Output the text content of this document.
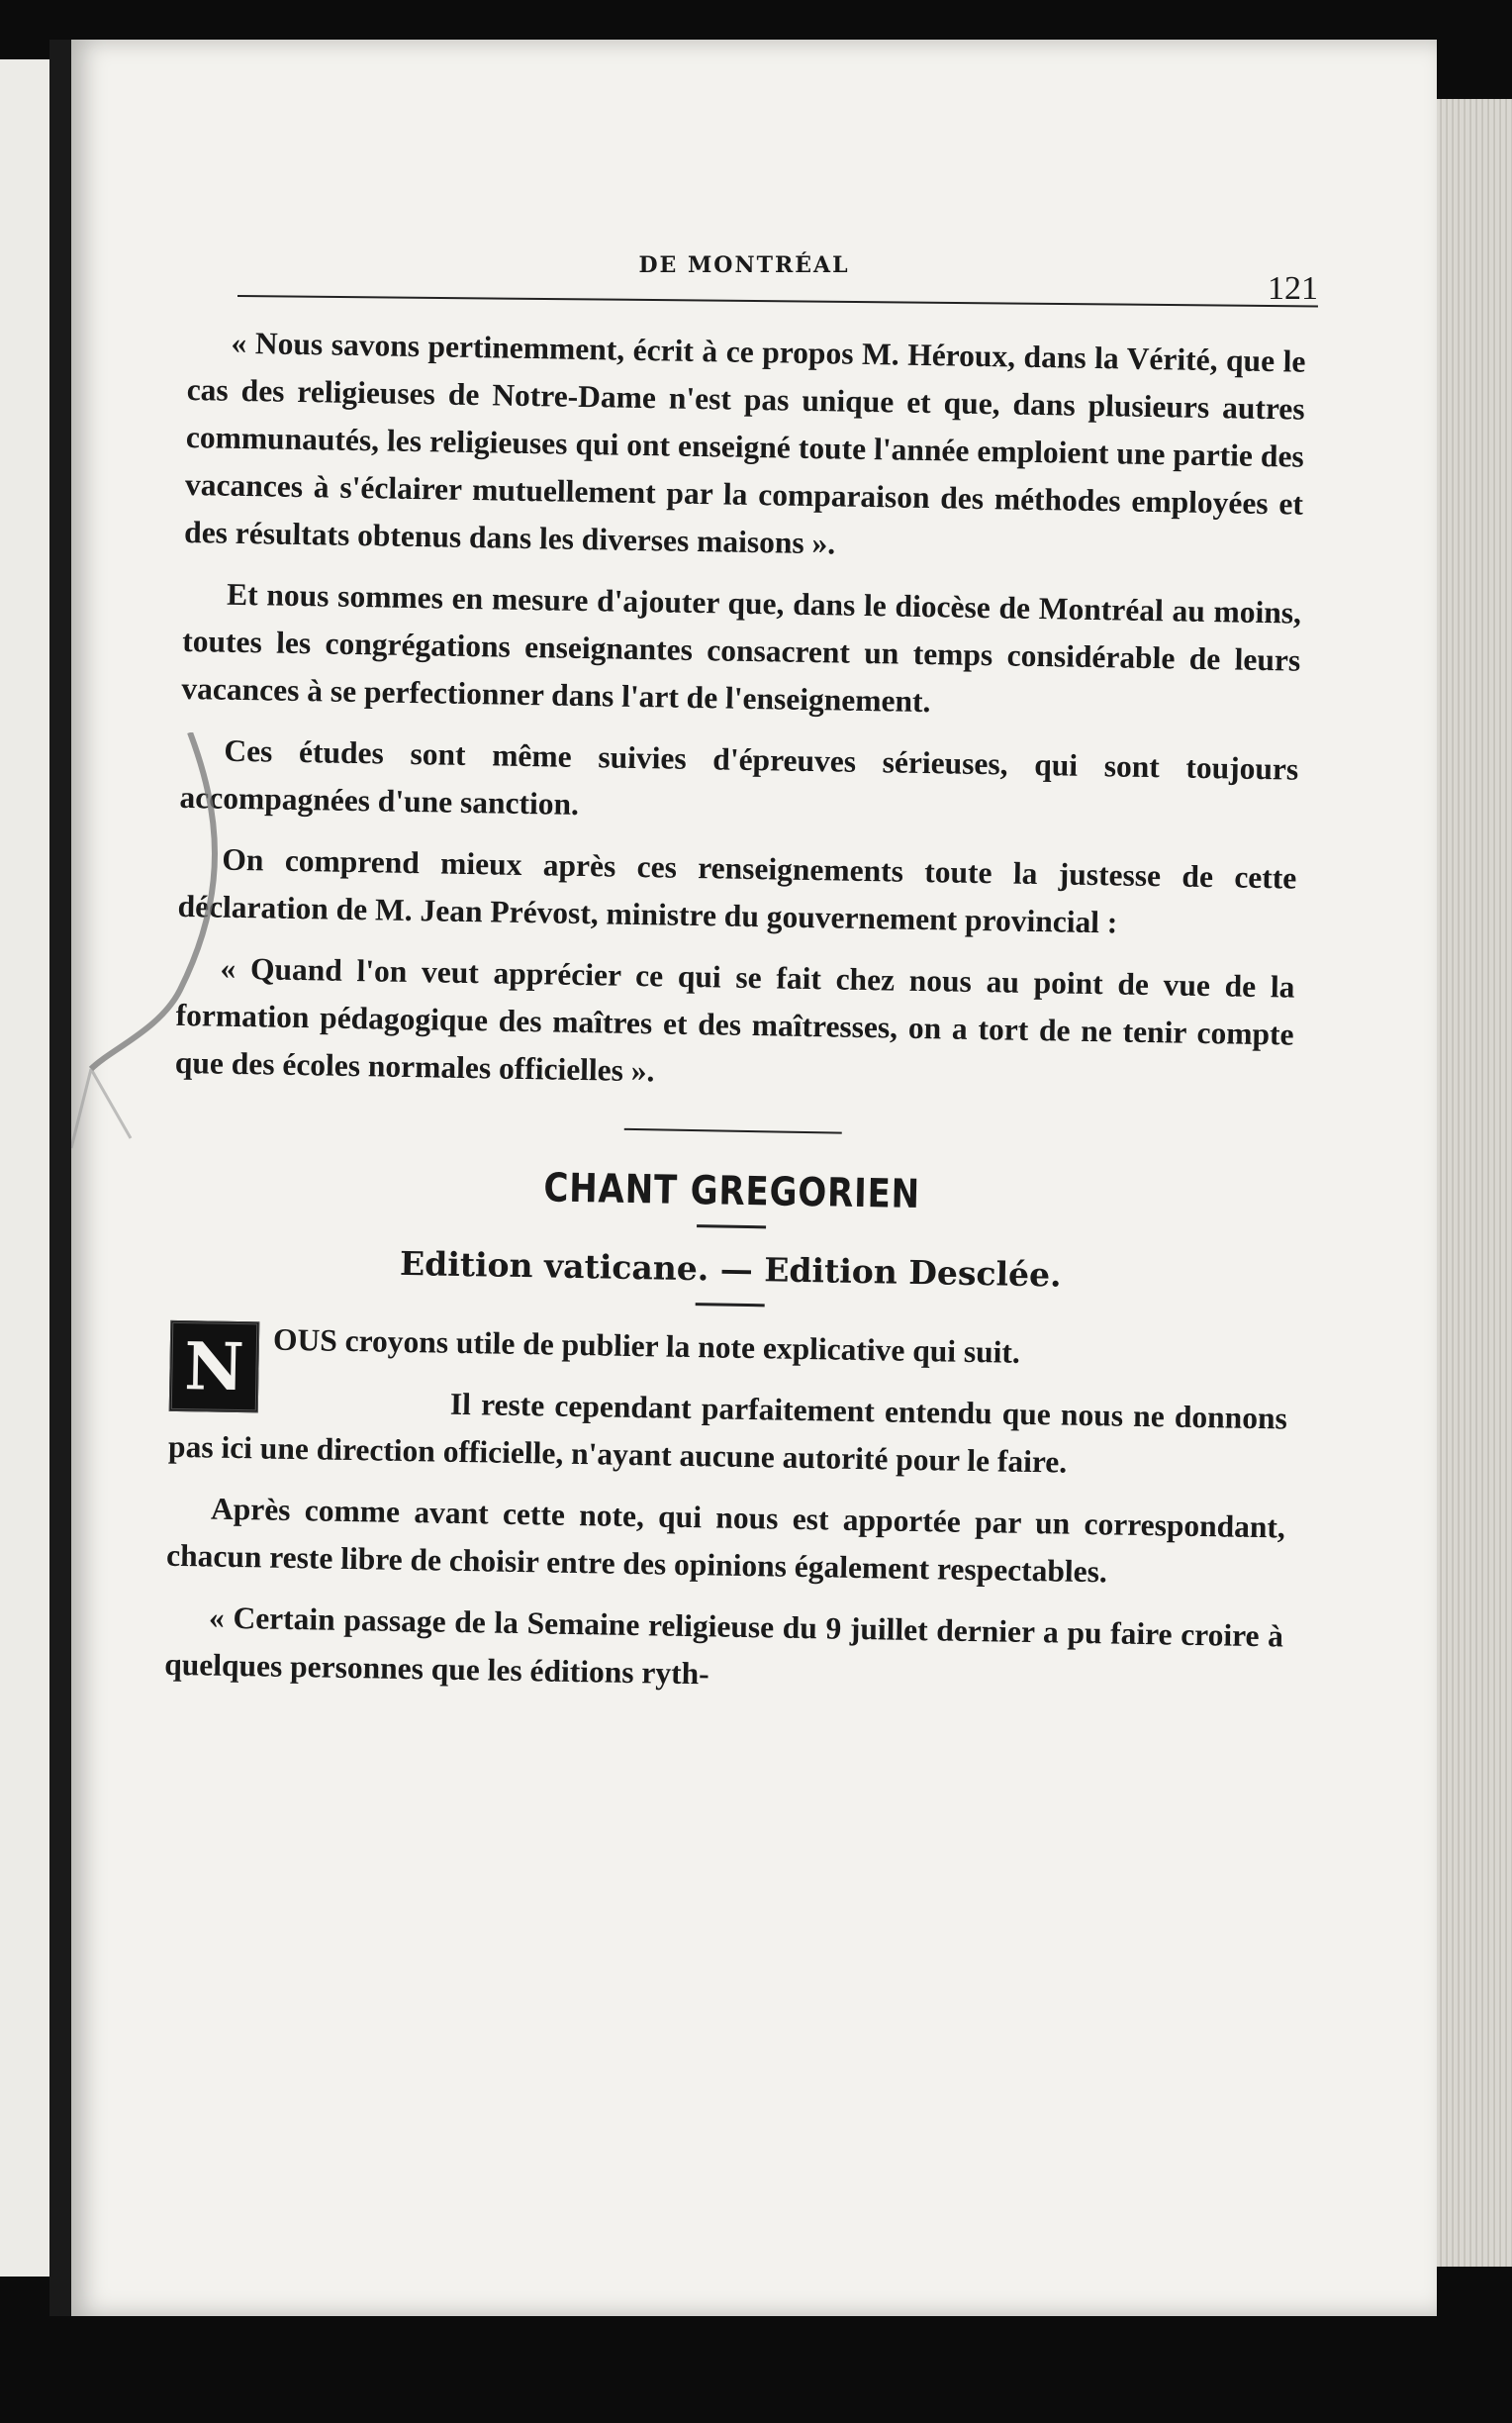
DE MONTRÉAL
121

« Nous savons pertinemment, écrit à ce propos M. Héroux, dans la Vérité, que le cas des religieuses de Notre-Dame n'est pas unique et que, dans plusieurs autres communautés, les religieuses qui ont enseigné toute l'année emploient une partie des vacances à s'éclairer mutuellement par la comparaison des méthodes employées et des résultats obtenus dans les diverses maisons ».

Et nous sommes en mesure d'ajouter que, dans le diocèse de Montréal au moins, toutes les congrégations enseignantes consacrent un temps considérable de leurs vacances à se perfectionner dans l'art de l'enseignement.

Ces études sont même suivies d'épreuves sérieuses, qui sont toujours accompagnées d'une sanction.

On comprend mieux après ces renseignements toute la justesse de cette déclaration de M. Jean Prévost, ministre du gouvernement provincial :

« Quand l'on veut apprécier ce qui se fait chez nous au point de vue de la formation pédagogique des maîtres et des maîtresses, on a tort de ne tenir compte que des écoles normales officielles ».

CHANT GREGORIEN
Edition vaticane. — Edition Desclée.

N OUS croyons utile de publier la note explicative qui suit.

Il reste cependant parfaitement entendu que nous ne donnons pas ici une direction officielle, n'ayant aucune autorité pour le faire.

Après comme avant cette note, qui nous est apportée par un correspondant, chacun reste libre de choisir entre des opinions également respectables.

« Certain passage de la Semaine religieuse du 9 juillet dernier a pu faire croire à quelques personnes que les éditions ryth-
